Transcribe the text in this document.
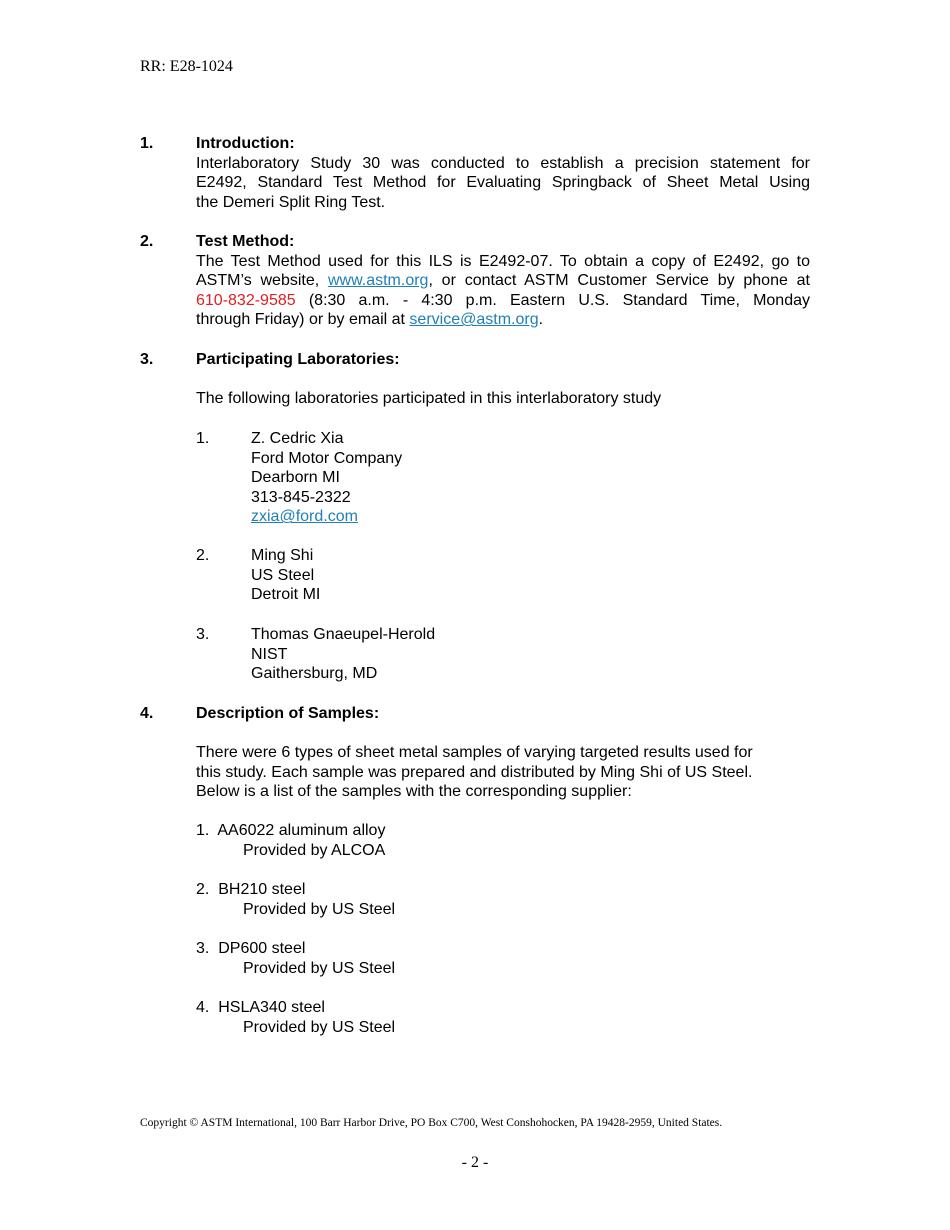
RR: E28-1024
1.	Introduction:
Interlaboratory Study 30 was conducted to establish a precision statement for
E2492, Standard Test Method for Evaluating Springback of Sheet Metal Using
the Demeri Split Ring Test.
2.	Test Method:
The Test Method used for this ILS is E2492-07. To obtain a copy of E2492, go to
ASTM’s website, www.astm.org, or contact ASTM Customer Service by phone at
610-832-9585 (8:30 a.m. - 4:30 p.m. Eastern U.S. Standard Time, Monday
through Friday) or by email at service@astm.org.
3.	Participating Laboratories:
The following laboratories participated in this interlaboratory study
1.	Z. Cedric Xia
Ford Motor Company
Dearborn MI
313-845-2322
zxia@ford.com
2.	Ming Shi
US Steel
Detroit MI
3.	Thomas Gnaeupel-Herold
NIST
Gaithersburg, MD
4.	Description of Samples:
There were 6 types of sheet metal samples of varying targeted results used for
this study. Each sample was prepared and distributed by Ming Shi of US Steel.
Below is a list of the samples with the corresponding supplier:
1.  AA6022 aluminum alloy
Provided by ALCOA
2.  BH210 steel
Provided by US Steel
3.  DP600 steel
Provided by US Steel
4.  HSLA340 steel
Provided by US Steel
Copyright © ASTM International, 100 Barr Harbor Drive, PO Box C700, West Conshohocken, PA 19428-2959, United States.
- 2 -
